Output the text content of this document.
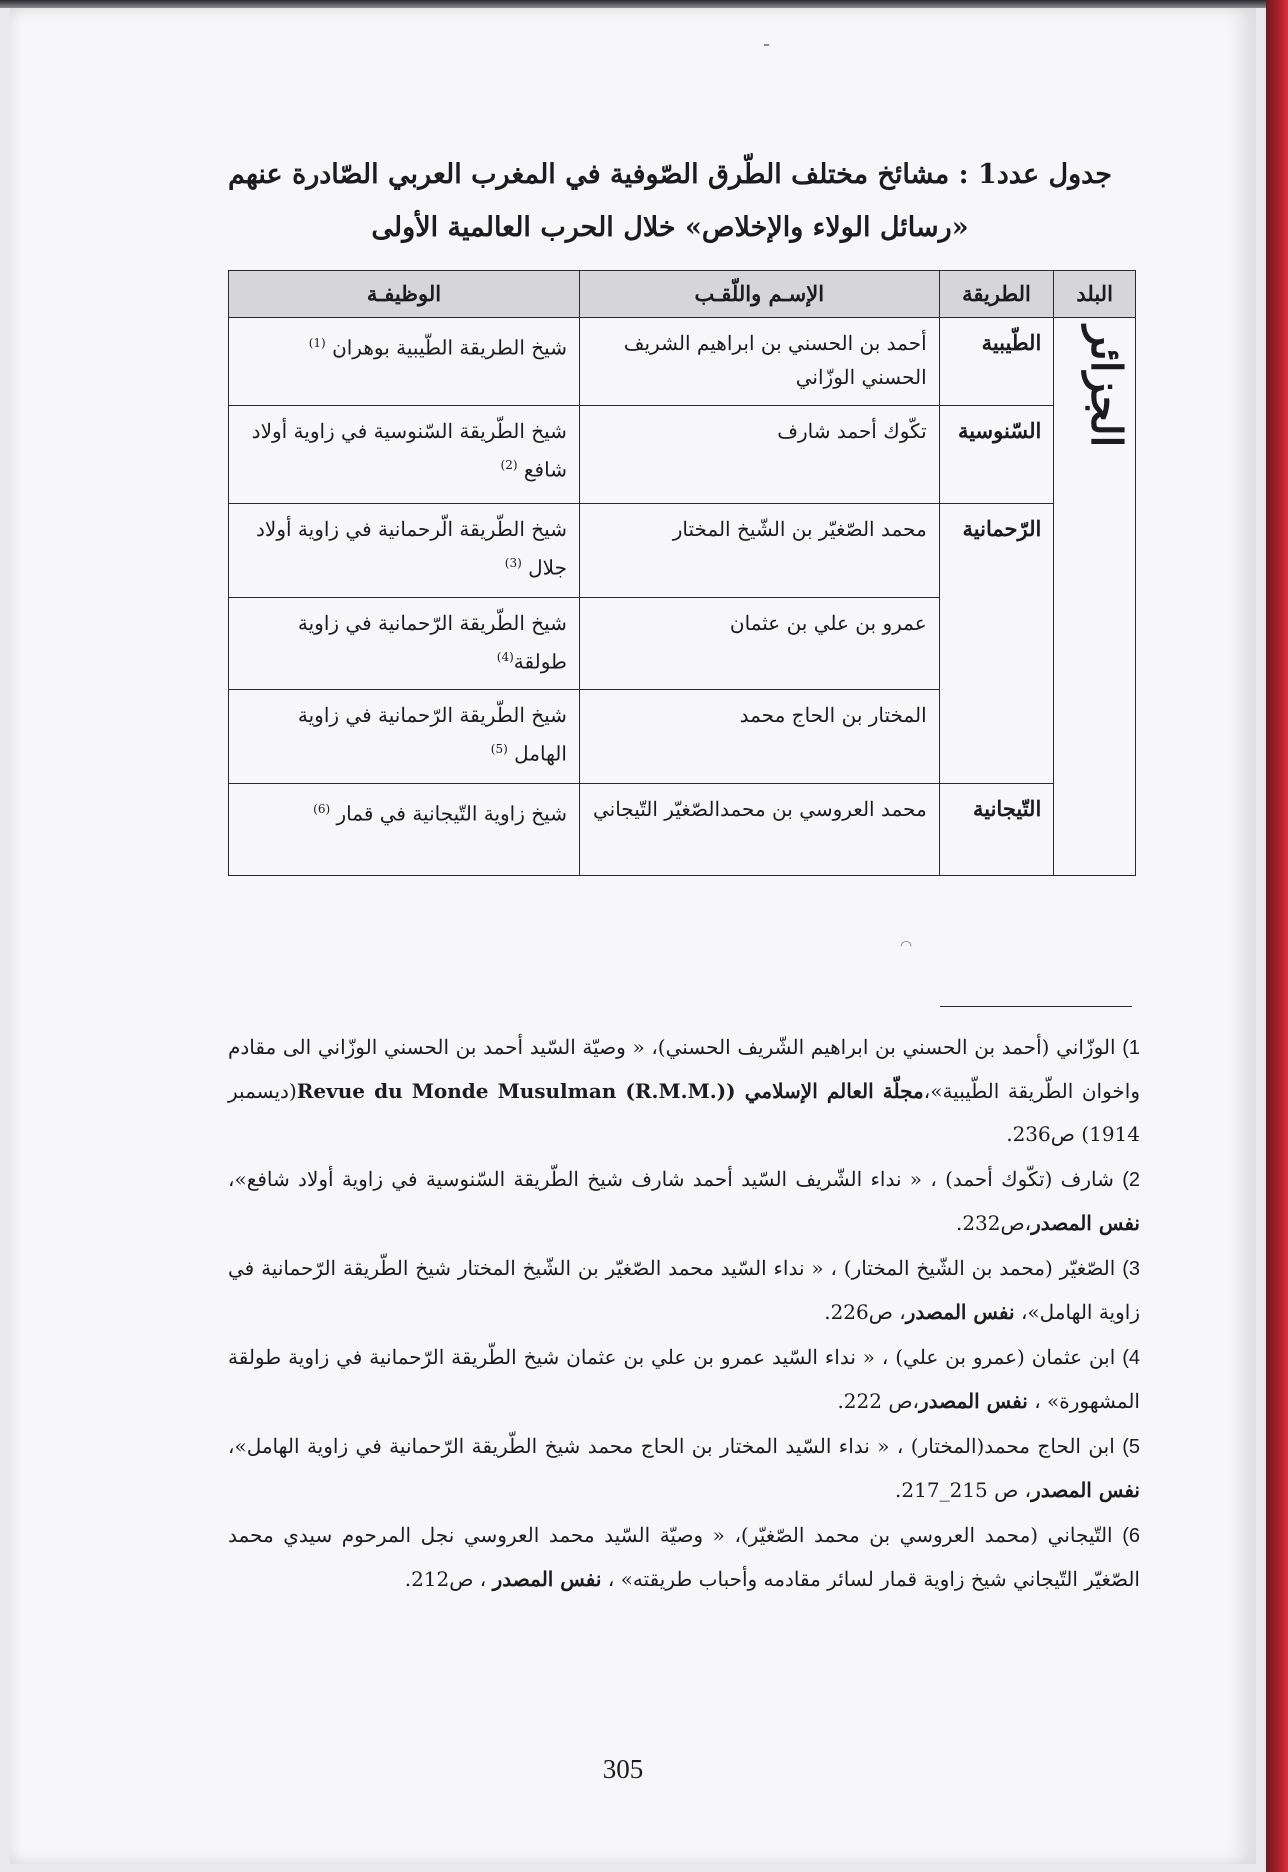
جدول عدد1 : مشائخ مختلف الطّرق الصّوفية في المغرب العربي الصّادرة عنهم
«رسائل الولاء والإخلاص» خلال الحرب العالمية الأولى
البلد	الطريقة	الإسـم واللّقـب	الوظيفـة
الجزائر	الطّيبية	أحمد بن الحسني بن ابراهيم الشريف الحسني الوزّاني	شيخ الطريقة الطّيبية بوهران $^{(1)}$
	السّنوسية	تكّوك أحمد شارف	شيخ الطّريقة السّنوسية في زاوية أولاد شافع $^{(2)}$
	الرّحمانية	محمد الصّغيّر بن الشّيخ المختار	شيخ الطّريقة الّرحمانية في زاوية أولاد جلال $^{(3)}$
		عمرو بن علي بن عثمان	شيخ الطّريقة الرّحمانية في زاوية طولقة$^{(4)}$
		المختار بن الحاج محمد	شيخ الطّريقة الرّحمانية في زاوية الهامل $^{(5)}$
	التّيجانية	محمد العروسي بن محمدالصّغيّر التّيجاني	شيخ زاوية التّيجانية في قمار $^{(6)}$
◠

1) الوزّاني (أحمد بن الحسني بن ابراهيم الشّريف الحسني)، « وصيّة السّيد أحمد بن الحسني الوزّاني الى مقادم واخوان الطّريقة الطّيبية»،مجلّة العالم الإسلامي (Revue du Monde Musulman (R.M.M.)(ديسمبر 1914) ص236.

2) شارف (تكّوك أحمد) ، « نداء الشّريف السّيد أحمد شارف شيخ الطّريقة السّنوسية في زاوية أولاد شافع»، نفس المصدر،ص232.

3) الصّغيّر (محمد بن الشّيخ المختار) ، « نداء السّيد محمد الصّغيّر بن الشّيخ المختار شيخ الطّريقة الرّحمانية في زاوية الهامل»، نفس المصدر، ص226.

4) ابن عثمان (عمرو بن علي) ، « نداء السّيد عمرو بن علي بن عثمان شيخ الطّريقة الرّحمانية في زاوية طولقة المشهورة» ، نفس المصدر،ص 222.

5) ابن الحاج محمد(المختار) ، « نداء السّيد المختار بن الحاج محمد شيخ الطّريقة الرّحمانية في زاوية الهامل»، نفس المصدر، ص 215_217.

6) التّيجاني (محمد العروسي بن محمد الصّغيّر)، « وصيّة السّيد محمد العروسي نجل المرحوم سيدي محمد الصّغيّر التّيجاني شيخ زاوية قمار لسائر مقادمه وأحباب طريقته» ، نفس المصدر ، ص212.

305
